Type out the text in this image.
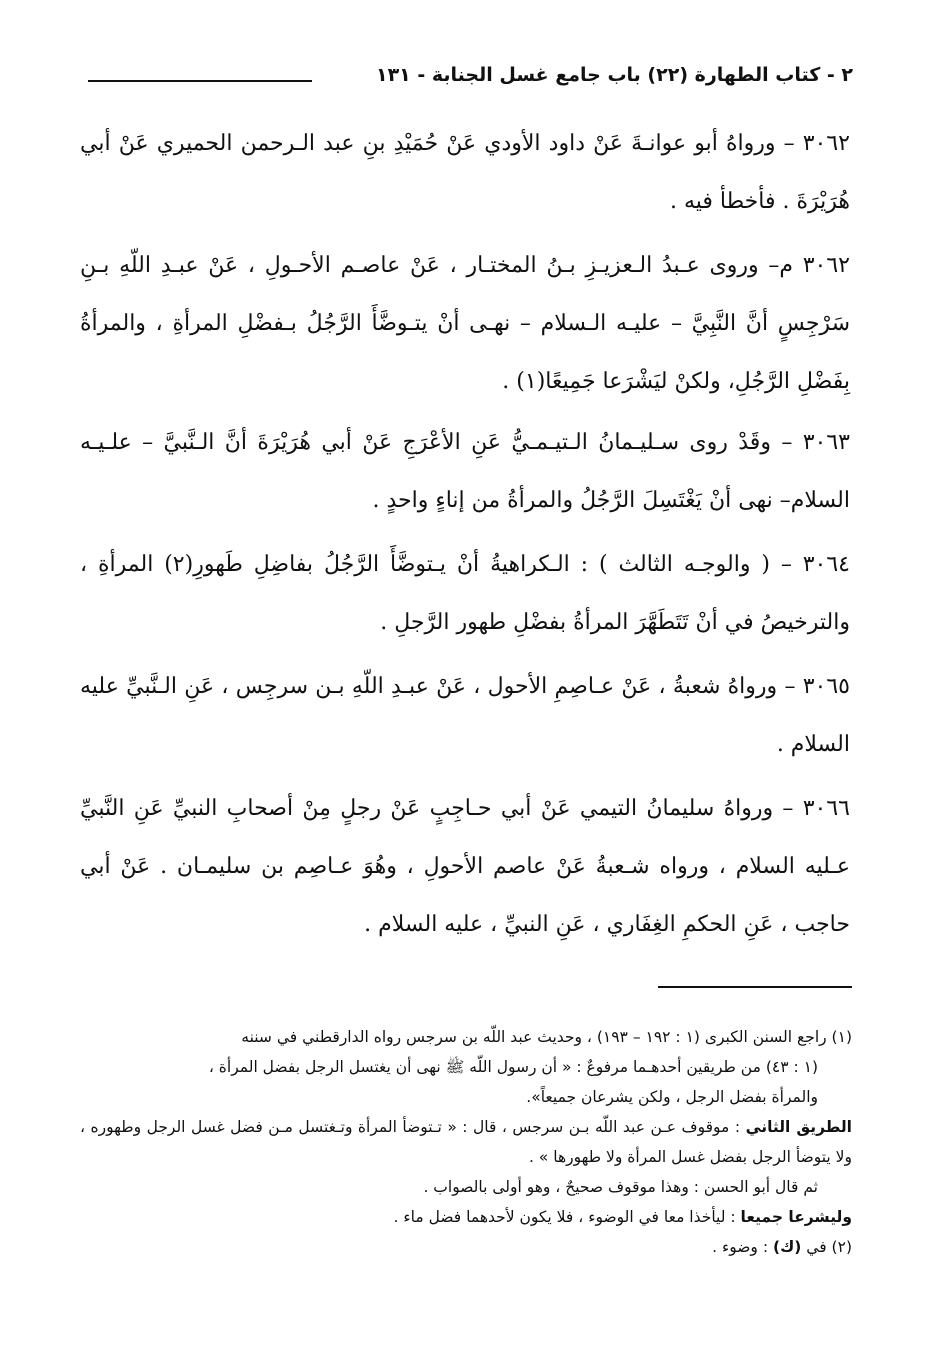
٢ - كتاب الطهارة (٢٢) باب جامع غسل الجنابة - ١٣١

٣٠٦٢ – ورواهُ أبو عوانـةَ عَنْ داود الأودي عَنْ حُمَيْدِ بنِ عبد الـرحمن الحميري عَنْ أبي هُرَيْرَةَ . فأخطأ فيه .

٣٠٦٢ م– وروى عـبدُ الـعزيـزِ بـنُ المختـار ، عَنْ عاصـم الأحـولِ ، عَنْ عبـدِ اللّهِ بـنِ سَرْجِسٍ أنَّ النَّبِيَّ – عليـه الـسلام – نهـى أنْ يتـوضَّأَ الرَّجُلُ بـفضْلِ المرأةِ ، والمرأةُ بِفَضْلِ الرَّجُلِ، ولكنْ ليَشْرَعا جَمِيعًا(١) .

٣٠٦٣ – وقَدْ روى سـليـمانُ الـتيـمـيُّ عَنِ الأعْرَجِ عَنْ أبي هُرَيْرَةَ أنَّ الـنَّبيَّ – علـيـه السلام– نهى أنْ يَغْتَسِلَ الرَّجُلُ والمرأةُ من إناءٍ واحدٍ .

٣٠٦٤ – ( والوجـه الثالث ) : الـكراهيةُ أنْ يـتوضَّأَ الرَّجُلُ بفاضِلِ طَهورِ(٢) المرأةِ ، والترخيصُ في أنْ تَتَطَهَّرَ المرأةُ بفضْلِ طهور الرَّجلِ .

٣٠٦٥ – ورواهُ شعبةُ ، عَنْ عـاصِمِ الأحول ، عَنْ عبـدِ اللّهِ بـن سرجِس ، عَنِ الـنَّبيِّ عليه السلام .

٣٠٦٦ – ورواهُ سليمانُ التيمي عَنْ أبي حـاجِبٍ عَنْ رجلٍ مِنْ أصحابِ النبيِّ عَنِ النَّبيِّ عـليه السلام ، ورواه شـعبةُ عَنْ عاصم الأحولِ ، وهُوَ عـاصِم بن سليمـان . عَنْ أبي حاجب ، عَنِ الحكمِ الغِفَاري ، عَنِ النبيِّ ، عليه السلام .

(١) راجع السنن الكبرى (١ : ١٩٢ – ١٩٣) ، وحديث عبد اللّه بن سرجس رواه الدارقطني في سننه

(١ : ٤٣) من طريقين أحدهـما مرفوعٌ : « أن رسول اللّه ﷺ نهى أن يغتسل الرجل بفضل المرأة ،

والمرأة بفضل الرجل ، ولكن يشرعان جميعاً».

الطريق الثاني : موقوف عـن عبد اللّه بـن سرجس ، قال : « تـتوضأ المرأة وتـغتسل مـن فضل غسل الرجل وطهوره ، ولا يتوضأ الرجل بفضل غسل المرأة ولا طهورها » .

ثم قال أبو الحسن : وهذا موقوف صحيحٌ ، وهو أولى بالصواب .

وليشرعا جميعا : ليأخذا معا في الوضوء ، فلا يكون لأحدهما فضل ماء .

(٢) في (ك) : وضوء .
